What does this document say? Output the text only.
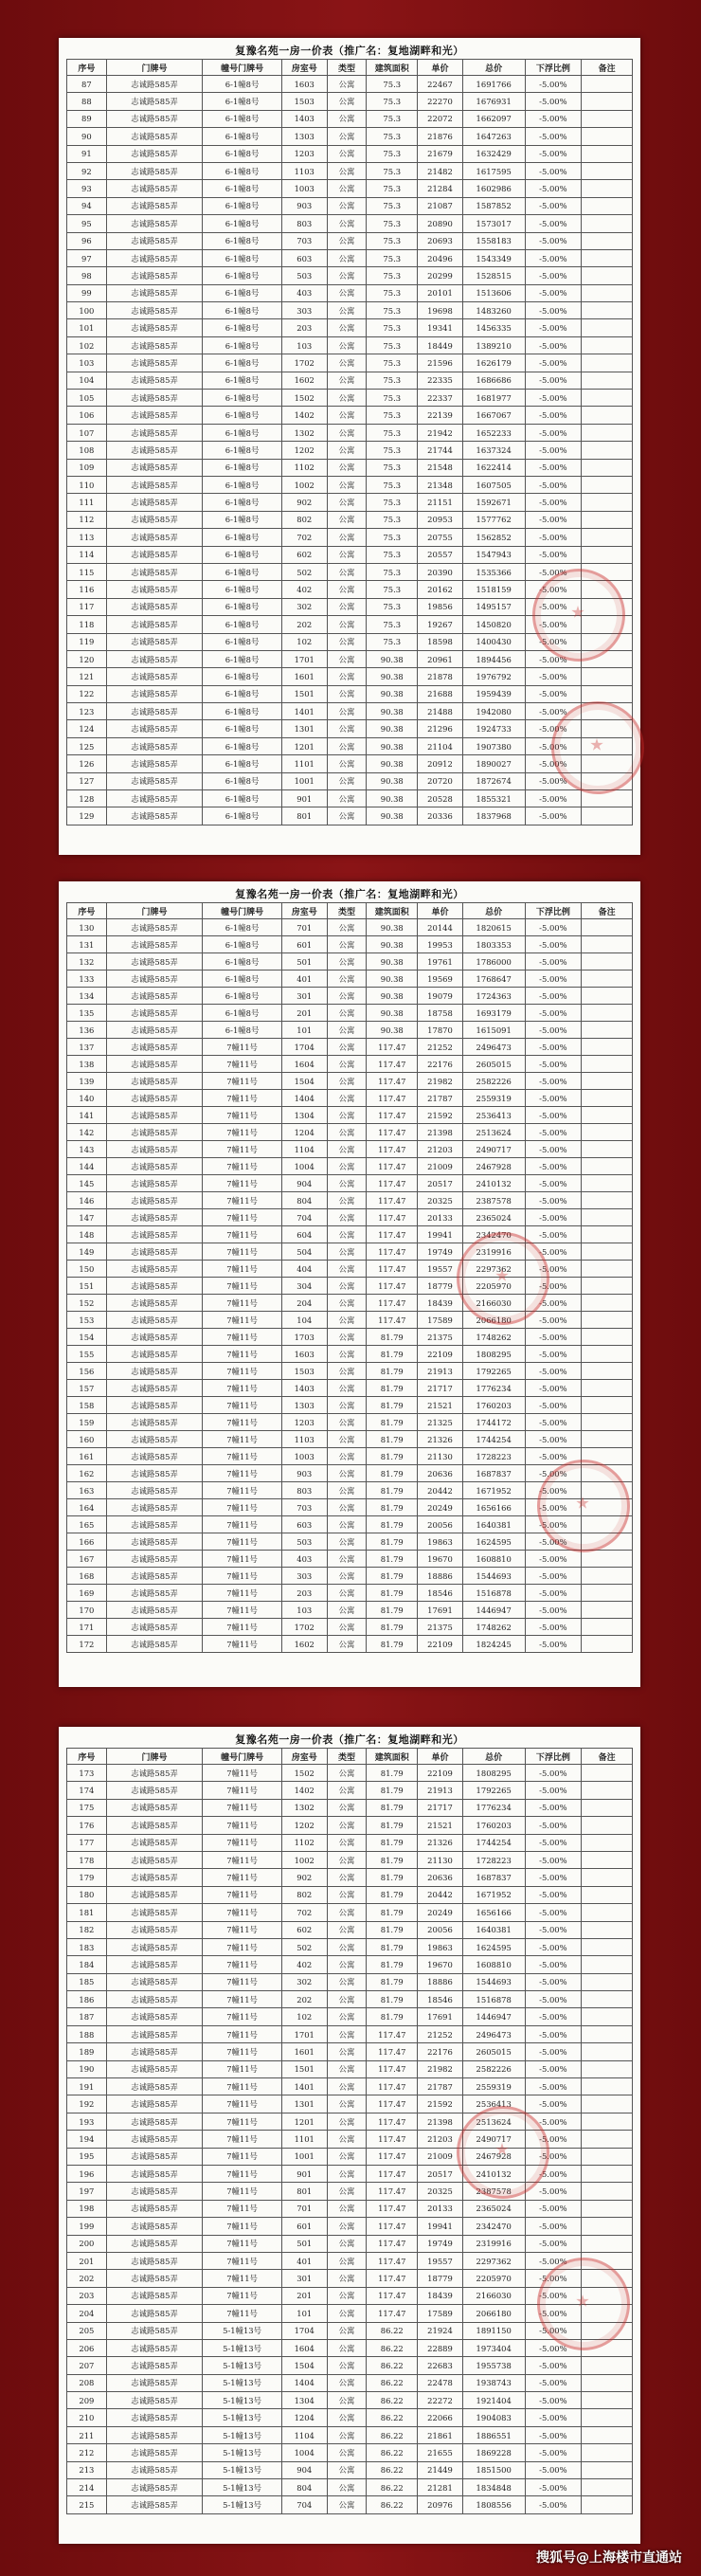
复豫名苑一房一价表（推广名：复地湖畔和光）
序号	门牌号	幢号门牌号	房室号	类型	建筑面积	单价	总价	下浮比例	备注
87	志诚路585弄	6-1幢8号	1603	公寓	75.3	22467	1691766	-5.00%	
88	志诚路585弄	6-1幢8号	1503	公寓	75.3	22270	1676931	-5.00%	
89	志诚路585弄	6-1幢8号	1403	公寓	75.3	22072	1662097	-5.00%	
90	志诚路585弄	6-1幢8号	1303	公寓	75.3	21876	1647263	-5.00%	
91	志诚路585弄	6-1幢8号	1203	公寓	75.3	21679	1632429	-5.00%	
92	志诚路585弄	6-1幢8号	1103	公寓	75.3	21482	1617595	-5.00%	
93	志诚路585弄	6-1幢8号	1003	公寓	75.3	21284	1602986	-5.00%	
94	志诚路585弄	6-1幢8号	903	公寓	75.3	21087	1587852	-5.00%	
95	志诚路585弄	6-1幢8号	803	公寓	75.3	20890	1573017	-5.00%	
96	志诚路585弄	6-1幢8号	703	公寓	75.3	20693	1558183	-5.00%	
97	志诚路585弄	6-1幢8号	603	公寓	75.3	20496	1543349	-5.00%	
98	志诚路585弄	6-1幢8号	503	公寓	75.3	20299	1528515	-5.00%	
99	志诚路585弄	6-1幢8号	403	公寓	75.3	20101	1513606	-5.00%	
100	志诚路585弄	6-1幢8号	303	公寓	75.3	19698	1483260	-5.00%	
101	志诚路585弄	6-1幢8号	203	公寓	75.3	19341	1456335	-5.00%	
102	志诚路585弄	6-1幢8号	103	公寓	75.3	18449	1389210	-5.00%	
103	志诚路585弄	6-1幢8号	1702	公寓	75.3	21596	1626179	-5.00%	
104	志诚路585弄	6-1幢8号	1602	公寓	75.3	22335	1686686	-5.00%	
105	志诚路585弄	6-1幢8号	1502	公寓	75.3	22337	1681977	-5.00%	
106	志诚路585弄	6-1幢8号	1402	公寓	75.3	22139	1667067	-5.00%	
107	志诚路585弄	6-1幢8号	1302	公寓	75.3	21942	1652233	-5.00%	
108	志诚路585弄	6-1幢8号	1202	公寓	75.3	21744	1637324	-5.00%	
109	志诚路585弄	6-1幢8号	1102	公寓	75.3	21548	1622414	-5.00%	
110	志诚路585弄	6-1幢8号	1002	公寓	75.3	21348	1607505	-5.00%	
111	志诚路585弄	6-1幢8号	902	公寓	75.3	21151	1592671	-5.00%	
112	志诚路585弄	6-1幢8号	802	公寓	75.3	20953	1577762	-5.00%	
113	志诚路585弄	6-1幢8号	702	公寓	75.3	20755	1562852	-5.00%	
114	志诚路585弄	6-1幢8号	602	公寓	75.3	20557	1547943	-5.00%	
115	志诚路585弄	6-1幢8号	502	公寓	75.3	20390	1535366	-5.00%	
116	志诚路585弄	6-1幢8号	402	公寓	75.3	20162	1518159	-5.00%	
117	志诚路585弄	6-1幢8号	302	公寓	75.3	19856	1495157	-5.00%	
118	志诚路585弄	6-1幢8号	202	公寓	75.3	19267	1450820	-5.00%	
119	志诚路585弄	6-1幢8号	102	公寓	75.3	18598	1400430	-5.00%	
120	志诚路585弄	6-1幢8号	1701	公寓	90.38	20961	1894456	-5.00%	
121	志诚路585弄	6-1幢8号	1601	公寓	90.38	21878	1976792	-5.00%	
122	志诚路585弄	6-1幢8号	1501	公寓	90.38	21688	1959439	-5.00%	
123	志诚路585弄	6-1幢8号	1401	公寓	90.38	21488	1942080	-5.00%	
124	志诚路585弄	6-1幢8号	1301	公寓	90.38	21296	1924733	-5.00%	
125	志诚路585弄	6-1幢8号	1201	公寓	90.38	21104	1907380	-5.00%	
126	志诚路585弄	6-1幢8号	1101	公寓	90.38	20912	1890027	-5.00%	
127	志诚路585弄	6-1幢8号	1001	公寓	90.38	20720	1872674	-5.00%	
128	志诚路585弄	6-1幢8号	901	公寓	90.38	20528	1855321	-5.00%	
129	志诚路585弄	6-1幢8号	801	公寓	90.38	20336	1837968	-5.00%	
复豫名苑一房一价表（推广名：复地湖畔和光）
序号	门牌号	幢号门牌号	房室号	类型	建筑面积	单价	总价	下浮比例	备注
130	志诚路585弄	6-1幢8号	701	公寓	90.38	20144	1820615	-5.00%	
131	志诚路585弄	6-1幢8号	601	公寓	90.38	19953	1803353	-5.00%	
132	志诚路585弄	6-1幢8号	501	公寓	90.38	19761	1786000	-5.00%	
133	志诚路585弄	6-1幢8号	401	公寓	90.38	19569	1768647	-5.00%	
134	志诚路585弄	6-1幢8号	301	公寓	90.38	19079	1724363	-5.00%	
135	志诚路585弄	6-1幢8号	201	公寓	90.38	18758	1693179	-5.00%	
136	志诚路585弄	6-1幢8号	101	公寓	90.38	17870	1615091	-5.00%	
137	志诚路585弄	7幢11号	1704	公寓	117.47	21252	2496473	-5.00%	
138	志诚路585弄	7幢11号	1604	公寓	117.47	22176	2605015	-5.00%	
139	志诚路585弄	7幢11号	1504	公寓	117.47	21982	2582226	-5.00%	
140	志诚路585弄	7幢11号	1404	公寓	117.47	21787	2559319	-5.00%	
141	志诚路585弄	7幢11号	1304	公寓	117.47	21592	2536413	-5.00%	
142	志诚路585弄	7幢11号	1204	公寓	117.47	21398	2513624	-5.00%	
143	志诚路585弄	7幢11号	1104	公寓	117.47	21203	2490717	-5.00%	
144	志诚路585弄	7幢11号	1004	公寓	117.47	21009	2467928	-5.00%	
145	志诚路585弄	7幢11号	904	公寓	117.47	20517	2410132	-5.00%	
146	志诚路585弄	7幢11号	804	公寓	117.47	20325	2387578	-5.00%	
147	志诚路585弄	7幢11号	704	公寓	117.47	20133	2365024	-5.00%	
148	志诚路585弄	7幢11号	604	公寓	117.47	19941	2342470	-5.00%	
149	志诚路585弄	7幢11号	504	公寓	117.47	19749	2319916	-5.00%	
150	志诚路585弄	7幢11号	404	公寓	117.47	19557	2297362	-5.00%	
151	志诚路585弄	7幢11号	304	公寓	117.47	18779	2205970	-5.00%	
152	志诚路585弄	7幢11号	204	公寓	117.47	18439	2166030	-5.00%	
153	志诚路585弄	7幢11号	104	公寓	117.47	17589	2066180	-5.00%	
154	志诚路585弄	7幢11号	1703	公寓	81.79	21375	1748262	-5.00%	
155	志诚路585弄	7幢11号	1603	公寓	81.79	22109	1808295	-5.00%	
156	志诚路585弄	7幢11号	1503	公寓	81.79	21913	1792265	-5.00%	
157	志诚路585弄	7幢11号	1403	公寓	81.79	21717	1776234	-5.00%	
158	志诚路585弄	7幢11号	1303	公寓	81.79	21521	1760203	-5.00%	
159	志诚路585弄	7幢11号	1203	公寓	81.79	21325	1744172	-5.00%	
160	志诚路585弄	7幢11号	1103	公寓	81.79	21326	1744254	-5.00%	
161	志诚路585弄	7幢11号	1003	公寓	81.79	21130	1728223	-5.00%	
162	志诚路585弄	7幢11号	903	公寓	81.79	20636	1687837	-5.00%	
163	志诚路585弄	7幢11号	803	公寓	81.79	20442	1671952	-5.00%	
164	志诚路585弄	7幢11号	703	公寓	81.79	20249	1656166	-5.00%	
165	志诚路585弄	7幢11号	603	公寓	81.79	20056	1640381	-5.00%	
166	志诚路585弄	7幢11号	503	公寓	81.79	19863	1624595	-5.00%	
167	志诚路585弄	7幢11号	403	公寓	81.79	19670	1608810	-5.00%	
168	志诚路585弄	7幢11号	303	公寓	81.79	18886	1544693	-5.00%	
169	志诚路585弄	7幢11号	203	公寓	81.79	18546	1516878	-5.00%	
170	志诚路585弄	7幢11号	103	公寓	81.79	17691	1446947	-5.00%	
171	志诚路585弄	7幢11号	1702	公寓	81.79	21375	1748262	-5.00%	
172	志诚路585弄	7幢11号	1602	公寓	81.79	22109	1824245	-5.00%	
复豫名苑一房一价表（推广名：复地湖畔和光）
序号	门牌号	幢号门牌号	房室号	类型	建筑面积	单价	总价	下浮比例	备注
173	志诚路585弄	7幢11号	1502	公寓	81.79	22109	1808295	-5.00%	
174	志诚路585弄	7幢11号	1402	公寓	81.79	21913	1792265	-5.00%	
175	志诚路585弄	7幢11号	1302	公寓	81.79	21717	1776234	-5.00%	
176	志诚路585弄	7幢11号	1202	公寓	81.79	21521	1760203	-5.00%	
177	志诚路585弄	7幢11号	1102	公寓	81.79	21326	1744254	-5.00%	
178	志诚路585弄	7幢11号	1002	公寓	81.79	21130	1728223	-5.00%	
179	志诚路585弄	7幢11号	902	公寓	81.79	20636	1687837	-5.00%	
180	志诚路585弄	7幢11号	802	公寓	81.79	20442	1671952	-5.00%	
181	志诚路585弄	7幢11号	702	公寓	81.79	20249	1656166	-5.00%	
182	志诚路585弄	7幢11号	602	公寓	81.79	20056	1640381	-5.00%	
183	志诚路585弄	7幢11号	502	公寓	81.79	19863	1624595	-5.00%	
184	志诚路585弄	7幢11号	402	公寓	81.79	19670	1608810	-5.00%	
185	志诚路585弄	7幢11号	302	公寓	81.79	18886	1544693	-5.00%	
186	志诚路585弄	7幢11号	202	公寓	81.79	18546	1516878	-5.00%	
187	志诚路585弄	7幢11号	102	公寓	81.79	17691	1446947	-5.00%	
188	志诚路585弄	7幢11号	1701	公寓	117.47	21252	2496473	-5.00%	
189	志诚路585弄	7幢11号	1601	公寓	117.47	22176	2605015	-5.00%	
190	志诚路585弄	7幢11号	1501	公寓	117.47	21982	2582226	-5.00%	
191	志诚路585弄	7幢11号	1401	公寓	117.47	21787	2559319	-5.00%	
192	志诚路585弄	7幢11号	1301	公寓	117.47	21592	2536413	-5.00%	
193	志诚路585弄	7幢11号	1201	公寓	117.47	21398	2513624	-5.00%	
194	志诚路585弄	7幢11号	1101	公寓	117.47	21203	2490717	-5.00%	
195	志诚路585弄	7幢11号	1001	公寓	117.47	21009	2467928	-5.00%	
196	志诚路585弄	7幢11号	901	公寓	117.47	20517	2410132	-5.00%	
197	志诚路585弄	7幢11号	801	公寓	117.47	20325	2387578	-5.00%	
198	志诚路585弄	7幢11号	701	公寓	117.47	20133	2365024	-5.00%	
199	志诚路585弄	7幢11号	601	公寓	117.47	19941	2342470	-5.00%	
200	志诚路585弄	7幢11号	501	公寓	117.47	19749	2319916	-5.00%	
201	志诚路585弄	7幢11号	401	公寓	117.47	19557	2297362	-5.00%	
202	志诚路585弄	7幢11号	301	公寓	117.47	18779	2205970	-5.00%	
203	志诚路585弄	7幢11号	201	公寓	117.47	18439	2166030	-5.00%	
204	志诚路585弄	7幢11号	101	公寓	117.47	17589	2066180	-5.00%	
205	志诚路585弄	5-1幢13号	1704	公寓	86.22	21924	1891150	-5.00%	
206	志诚路585弄	5-1幢13号	1604	公寓	86.22	22889	1973404	-5.00%	
207	志诚路585弄	5-1幢13号	1504	公寓	86.22	22683	1955738	-5.00%	
208	志诚路585弄	5-1幢13号	1404	公寓	86.22	22478	1938743	-5.00%	
209	志诚路585弄	5-1幢13号	1304	公寓	86.22	22272	1921404	-5.00%	
210	志诚路585弄	5-1幢13号	1204	公寓	86.22	22066	1904083	-5.00%	
211	志诚路585弄	5-1幢13号	1104	公寓	86.22	21861	1886551	-5.00%	
212	志诚路585弄	5-1幢13号	1004	公寓	86.22	21655	1869228	-5.00%	
213	志诚路585弄	5-1幢13号	904	公寓	86.22	21449	1851500	-5.00%	
214	志诚路585弄	5-1幢13号	804	公寓	86.22	21281	1834848	-5.00%	
215	志诚路585弄	5-1幢13号	704	公寓	86.22	20976	1808556	-5.00%	
搜狐号@上海楼市直通站
